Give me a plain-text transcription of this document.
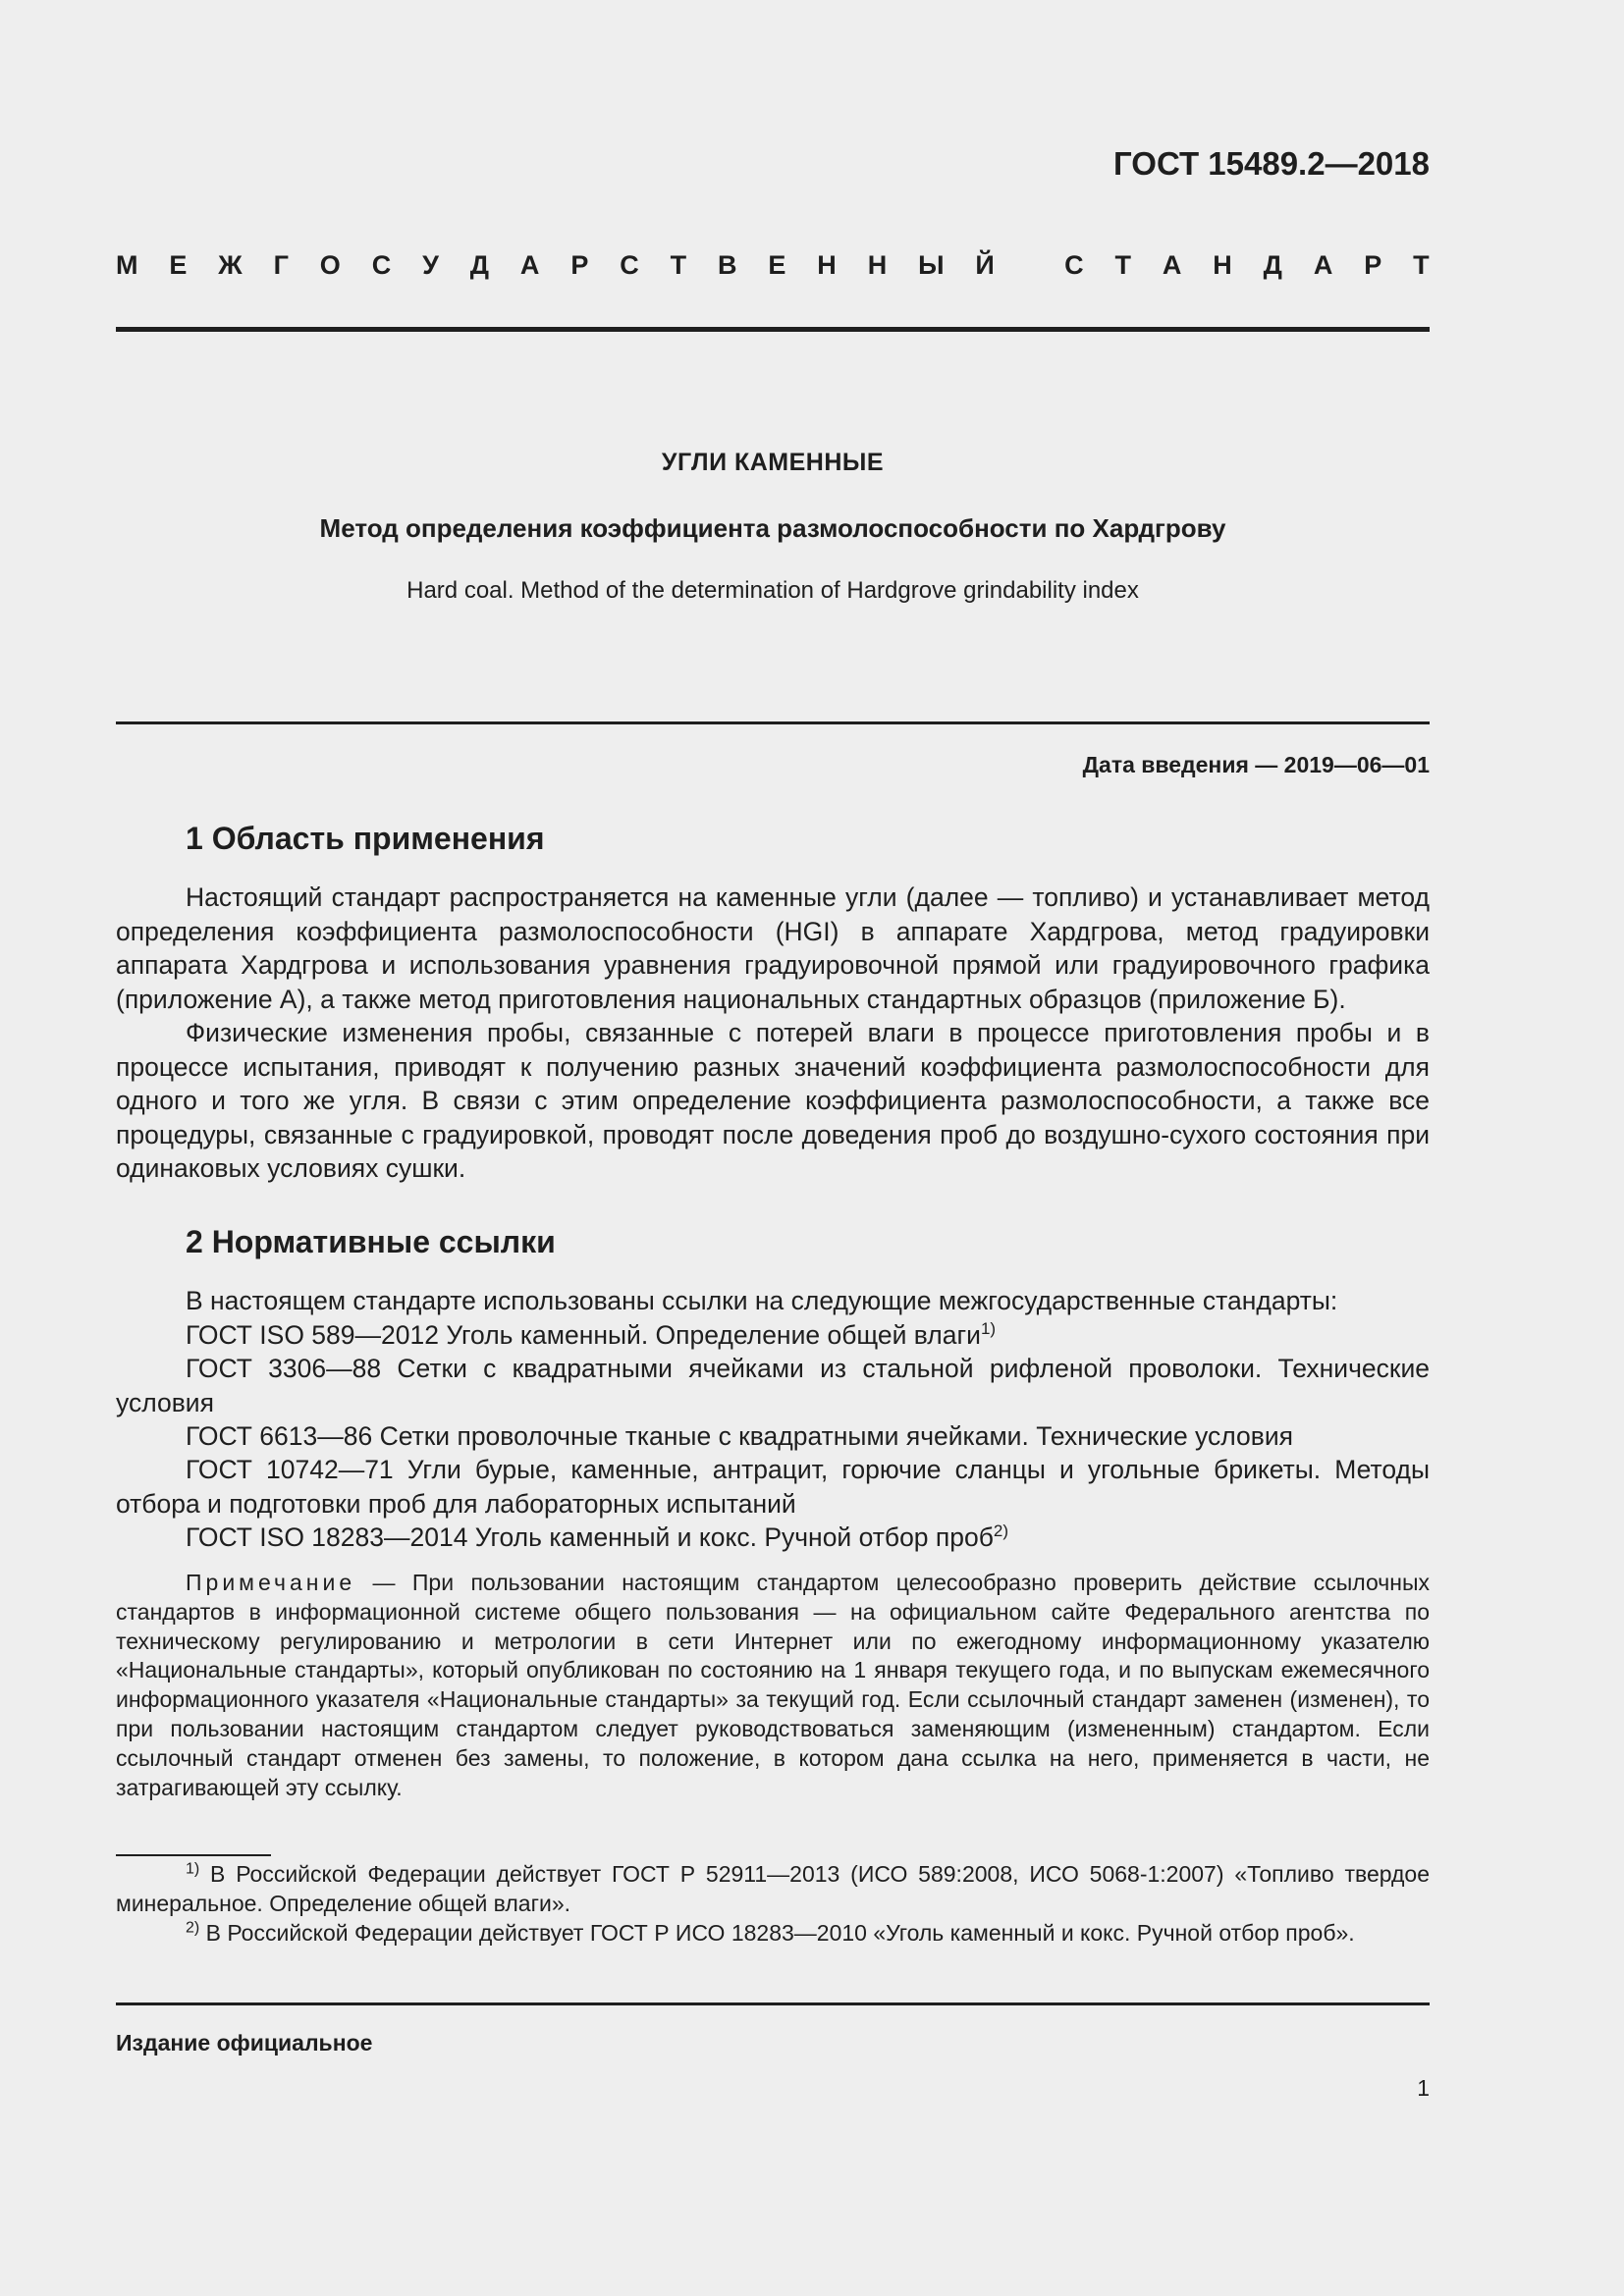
ГОСТ 15489.2—2018
М Е Ж Г О С У Д А Р С Т В Е Н Н Ы Й
	С Т А Н Д А Р Т
УГЛИ КАМЕННЫЕ
Метод определения коэффициента размолоспособности по Хардгрову
Hard coal. Method of the determination of Hardgrove grindability index
Дата введения — 2019—06—01
1 Область применения

Настоящий стандарт распространяется на каменные угли (далее — топливо) и устанавливает метод определения коэффициента размолоспособности (HGI) в аппарате Хардгрова, метод градуировки аппарата Хардгрова и использования уравнения градуировочной прямой или градуировочного графика (приложение А), а также метод приготовления национальных стандартных образцов (приложение Б).

Физические изменения пробы, связанные с потерей влаги в процессе приготовления пробы и в процессе испытания, приводят к получению разных значений коэффициента размолоспособности для одного и того же угля. В связи с этим определение коэффициента размолоспособности, а также все процедуры, связанные с градуировкой, проводят после доведения проб до воздушно-сухого состояния при одинаковых условиях сушки.

2 Нормативные ссылки

В настоящем стандарте использованы ссылки на следующие межгосударственные стандарты:

ГОСТ ISO 589—2012 Уголь каменный. Определение общей влаги$^{1)}$

ГОСТ 3306—88 Сетки с квадратными ячейками из стальной рифленой проволоки. Технические условия

ГОСТ 6613—86 Сетки проволочные тканые с квадратными ячейками. Технические условия

ГОСТ 10742—71 Угли бурые, каменные, антрацит, горючие сланцы и угольные брикеты. Методы отбора и подготовки проб для лабораторных испытаний

ГОСТ ISO 18283—2014 Уголь каменный и кокс. Ручной отбор проб$^{2)}$

Примечание — При пользовании настоящим стандартом целесообразно проверить действие ссылочных стандартов в информационной системе общего пользования — на официальном сайте Федерального агентства по техническому регулированию и метрологии в сети Интернет или по ежегодному информационному указателю «Национальные стандарты», который опубликован по состоянию на 1 января текущего года, и по выпускам ежемесячного информационного указателя «Национальные стандарты» за текущий год. Если ссылочный стандарт заменен (изменен), то при пользовании настоящим стандартом следует руководствоваться заменяющим (измененным) стандартом. Если ссылочный стандарт отменен без замены, то положение, в котором дана ссылка на него, применяется в части, не затрагивающей эту ссылку.

$^{1)}$ В Российской Федерации действует ГОСТ Р 52911—2013 (ИСО 589:2008, ИСО 5068-1:2007) «Топливо твердое минеральное. Определение общей влаги».

$^{2)}$ В Российской Федерации действует ГОСТ Р ИСО 18283—2010 «Уголь каменный и кокс. Ручной отбор проб».

Издание официальное
1
